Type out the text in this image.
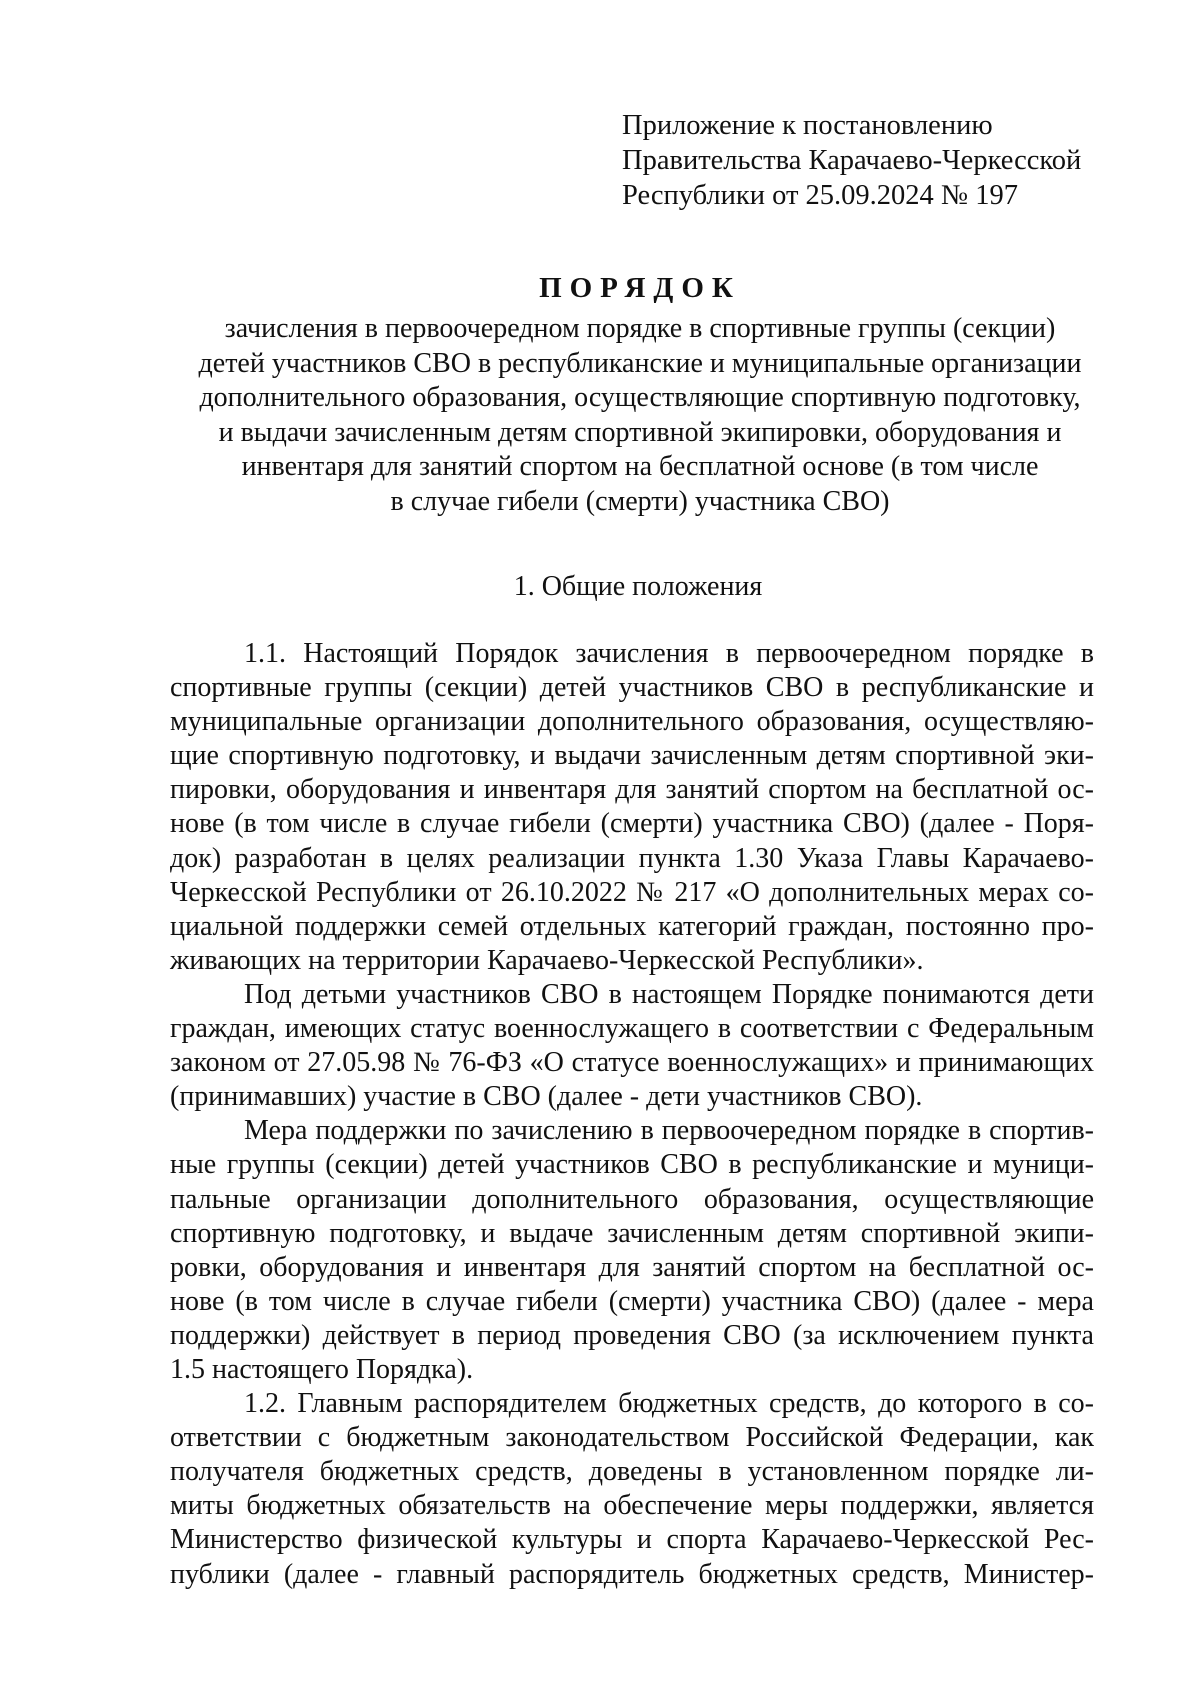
Приложение к постановлению
Правительства Карачаево-Черкесской
Республики от 25.09.2024 № 197
ПОРЯДОК
зачисления в первоочередном порядке в спортивные группы (секции)
детей участников СВО в республиканские и муниципальные организации
дополнительного образования, осуществляющие спортивную подготовку,
и выдачи зачисленным детям спортивной экипировки, оборудования и
инвентаря для занятий спортом на бесплатной основе (в том числе
в случае гибели (смерти) участника СВО)
1. Общие положения
1.1. Настоящий Порядок зачисления в первоочередном порядке в
спортивные группы (секции) детей участников СВО в республиканские и
муниципальные организации дополнительного образования, осуществляю-
щие спортивную подготовку, и выдачи зачисленным детям спортивной эки-
пировки, оборудования и инвентаря для занятий спортом на бесплатной ос-
нове (в том числе в случае гибели (смерти) участника СВО) (далее - Поря-
док) разработан в целях реализации пункта 1.30 Указа Главы Карачаево-
Черкесской Республики от 26.10.2022 № 217 «О дополнительных мерах со-
циальной поддержки семей отдельных категорий граждан, постоянно про-
живающих на территории Карачаево-Черкесской Республики».
Под детьми участников СВО в настоящем Порядке понимаются дети
граждан, имеющих статус военнослужащего в соответствии с Федеральным
законом от 27.05.98 № 76-ФЗ «О статусе военнослужащих» и принимающих
(принимавших) участие в СВО (далее - дети участников СВО).
Мера поддержки по зачислению в первоочередном порядке в спортив-
ные группы (секции) детей участников СВО в республиканские и муници-
пальные организации дополнительного образования, осуществляющие
спортивную подготовку, и выдаче зачисленным детям спортивной экипи-
ровки, оборудования и инвентаря для занятий спортом на бесплатной ос-
нове (в том числе в случае гибели (смерти) участника СВО) (далее - мера
поддержки) действует в период проведения СВО (за исключением пункта
1.5 настоящего Порядка).
1.2. Главным распорядителем бюджетных средств, до которого в со-
ответствии с бюджетным законодательством Российской Федерации, как
получателя бюджетных средств, доведены в установленном порядке ли-
миты бюджетных обязательств на обеспечение меры поддержки, является
Министерство физической культуры и спорта Карачаево-Черкесской Рес-
публики (далее - главный распорядитель бюджетных средств, Министер-
